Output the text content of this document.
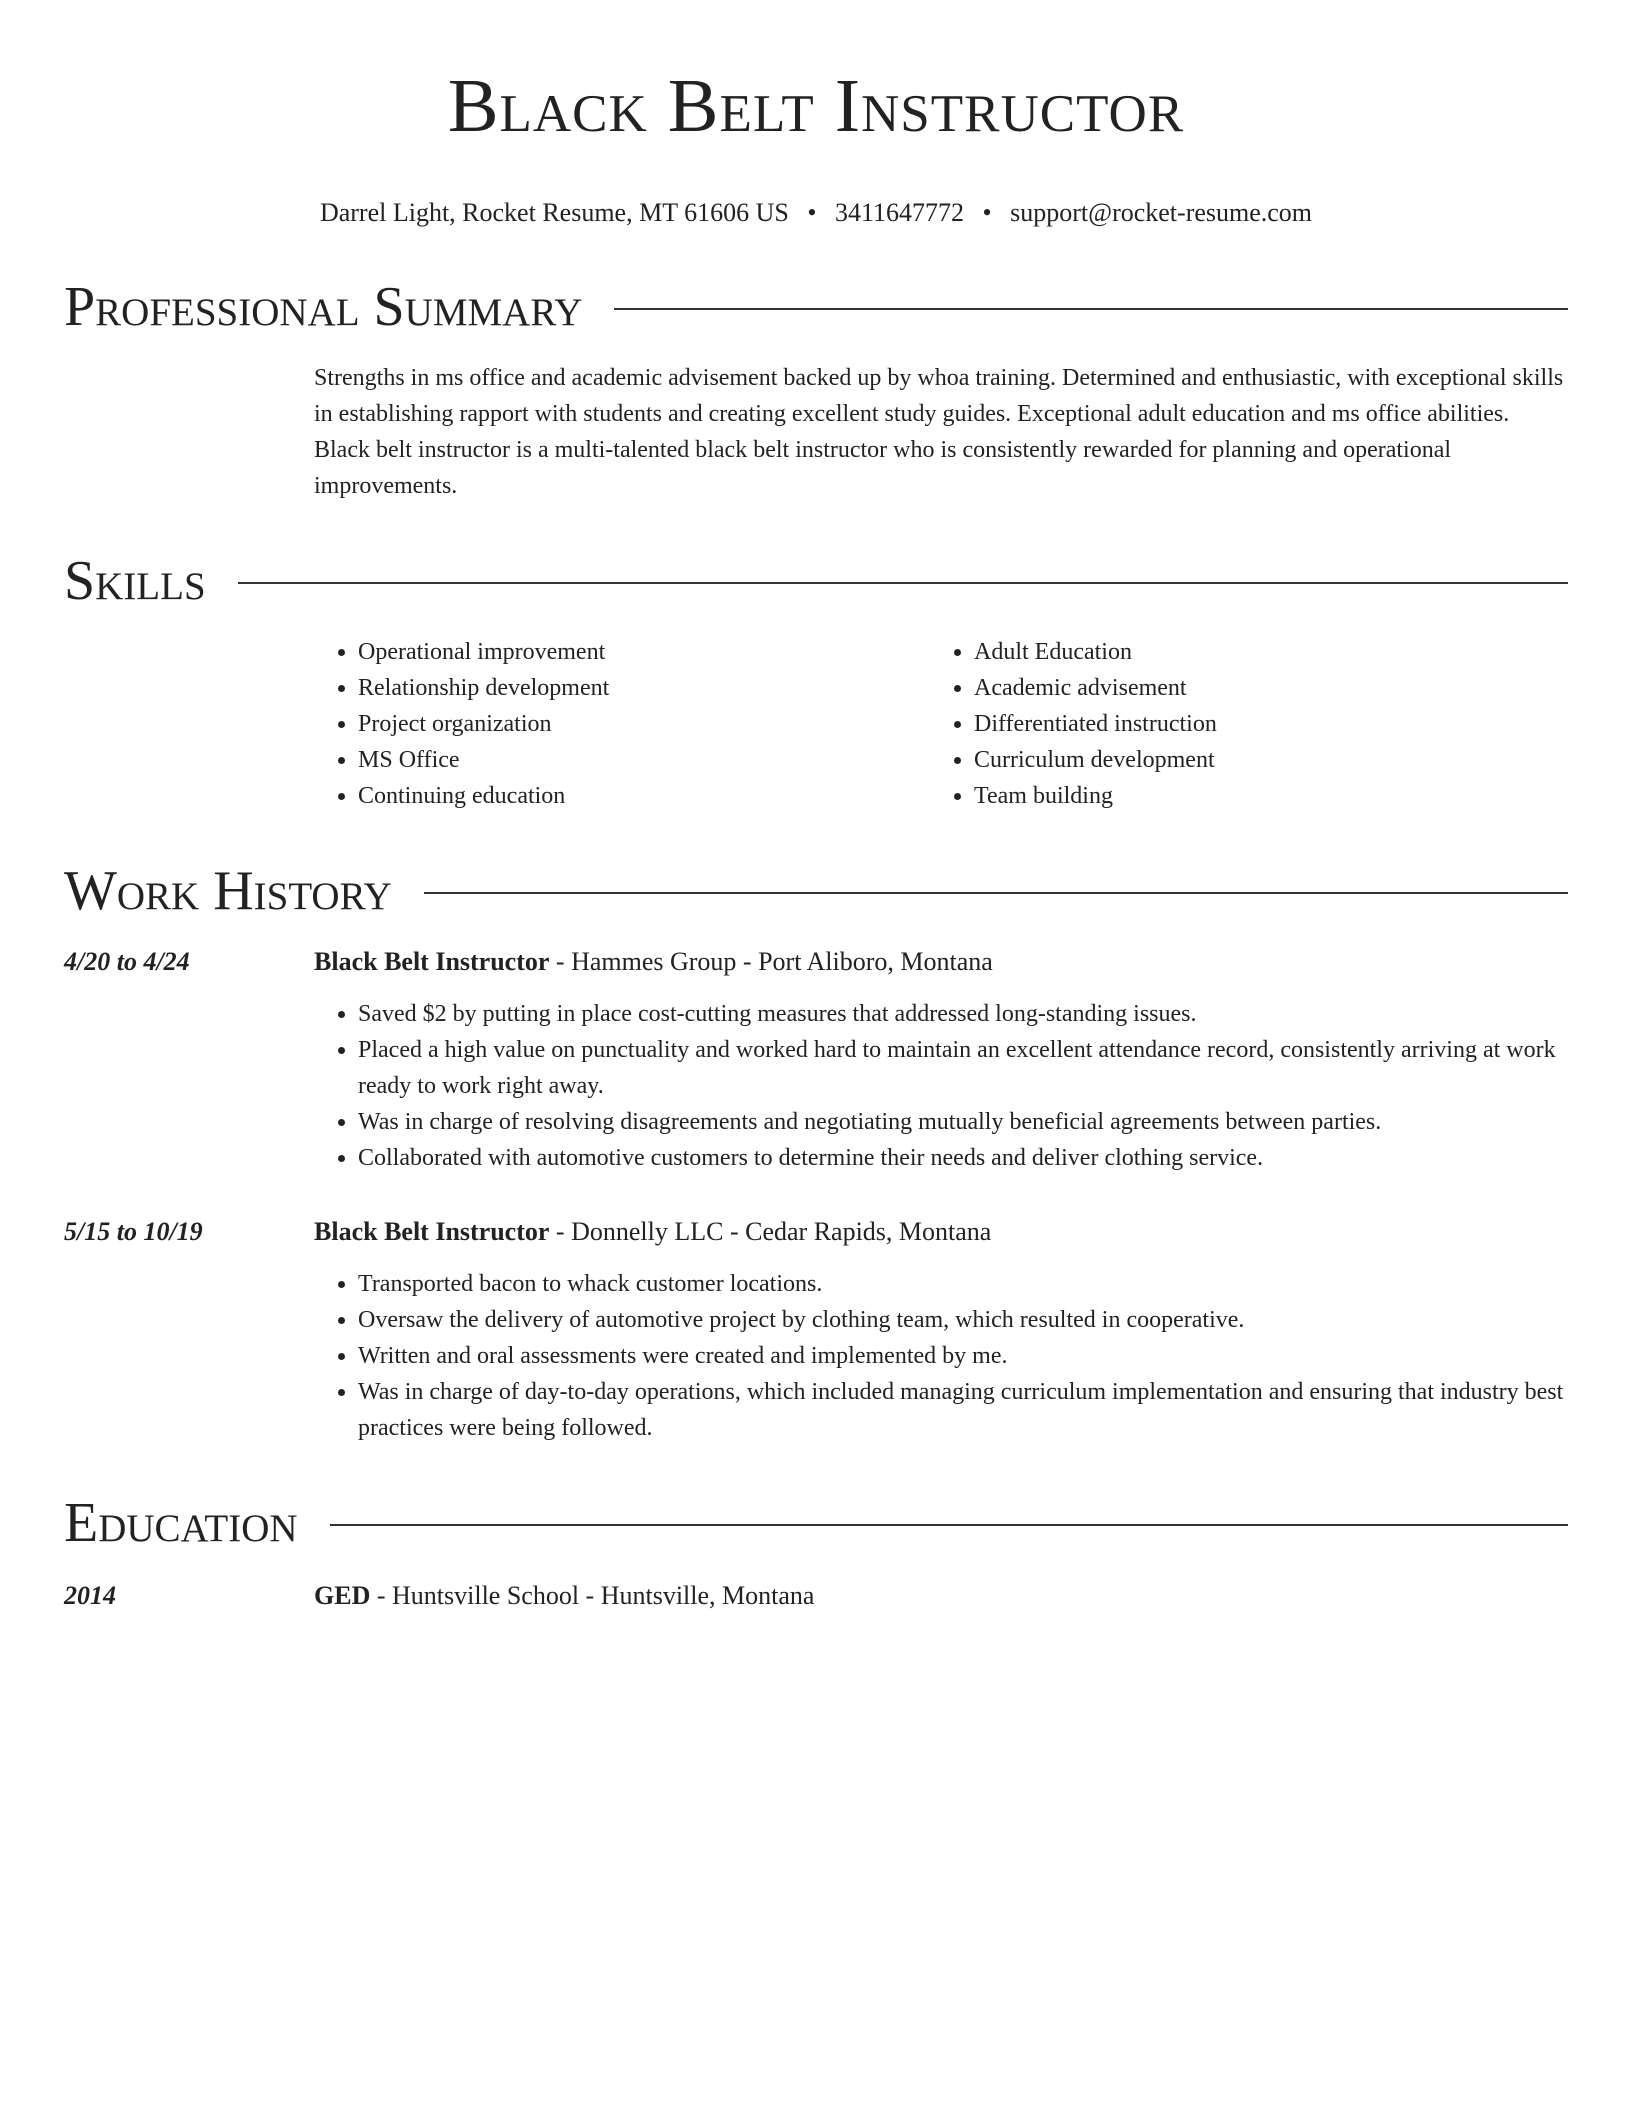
Black Belt Instructor
Darrel Light, Rocket Resume, MT 61606 US • 3411647772 • support@rocket-resume.com
Professional Summary
Strengths in ms office and academic advisement backed up by whoa training. Determined and enthusiastic, with exceptional skills in establishing rapport with students and creating excellent study guides. Exceptional adult education and ms office abilities. Black belt instructor is a multi-talented black belt instructor who is consistently rewarded for planning and operational improvements.
Skills
• Operational improvement
• Relationship development
• Project organization
• MS Office
• Continuing education
• Adult Education
• Academic advisement
• Differentiated instruction
• Curriculum development
• Team building
Work History
4/20 to 4/24	Black Belt Instructor - Hammes Group - Port Aliboro, Montana
• Saved $2 by putting in place cost-cutting measures that addressed long-standing issues.
• Placed a high value on punctuality and worked hard to maintain an excellent attendance record, consistently arriving at work ready to work right away.
• Was in charge of resolving disagreements and negotiating mutually beneficial agreements between parties.
• Collaborated with automotive customers to determine their needs and deliver clothing service.
5/15 to 10/19	Black Belt Instructor - Donnelly LLC - Cedar Rapids, Montana
• Transported bacon to whack customer locations.
• Oversaw the delivery of automotive project by clothing team, which resulted in cooperative.
• Written and oral assessments were created and implemented by me.
• Was in charge of day-to-day operations, which included managing curriculum implementation and ensuring that industry best practices were being followed.
Education
2014	GED - Huntsville School - Huntsville, Montana
